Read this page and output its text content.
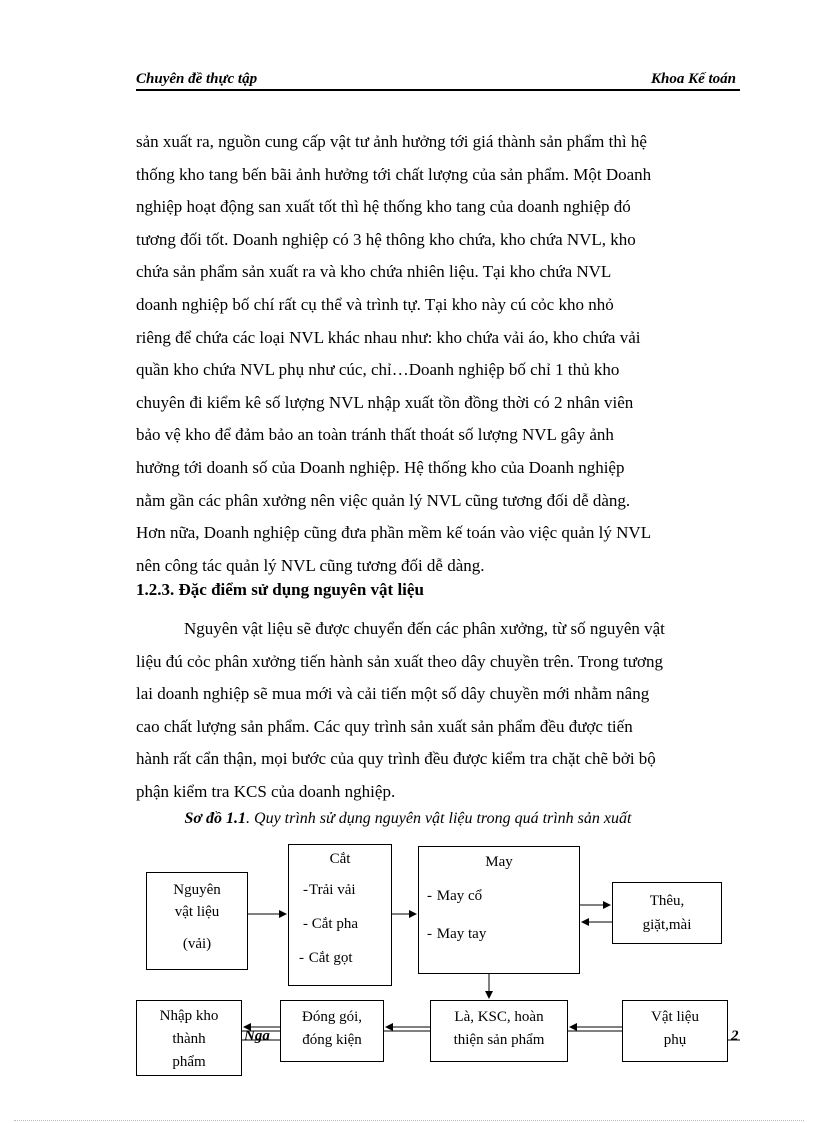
Chuyên đề thực tập	Khoa Kế toán

sản xuất ra, nguồn cung cấp vật tư ảnh hưởng tới giá thành sản phẩm thì hệ

thống kho tang bến bãi ảnh hưởng tới chất lượng của sản phẩm. Một Doanh

nghiệp hoạt động san xuất tốt thì hệ thống kho tang của doanh nghiệp đó

tương đối tốt. Doanh nghiệp có 3 hệ thông kho chứa, kho chứa NVL, kho

chứa sản phẩm sản xuất ra và kho chứa nhiên liệu. Tại kho chứa NVL

doanh nghiệp bố chí rất cụ thể và trình tự. Tại kho này cú cỏc kho nhỏ

riêng để chứa các loại NVL khác nhau như: kho chứa vải áo, kho chứa vải

quần kho chứa NVL phụ như cúc, chỉ…Doanh nghiệp bố chỉ 1 thủ kho

chuyên đi kiểm kê số lượng NVL nhập xuất tồn đồng thời có 2 nhân viên

bảo vệ kho để đảm bảo an toàn tránh thất thoát số lượng NVL gây ảnh

hưởng tới doanh số của Doanh nghiệp. Hệ thống kho của Doanh nghiệp

nằm gần các phân xưởng nên việc quản lý NVL cũng tương đối dễ dàng.

Hơn nữa, Doanh nghiệp cũng đưa phần mềm kế toán vào việc quản lý NVL

nên công tác quản lý NVL cũng tương đối dễ dàng.

1.2.3. Đặc điểm sử dụng nguyên vật liệu

Nguyên vật liệu sẽ được chuyển đến các phân xưởng, từ số nguyên vật

liệu đú cỏc phân xưởng tiến hành sản xuất theo dây chuyền trên. Trong tương

lai doanh nghiệp sẽ mua mới và cải tiến một số dây chuyền mới nhằm nâng

cao chất lượng sản phẩm. Các quy trình sản xuất sản phẩm đều được tiến

hành rất cẩn thận, mọi bước của quy trình đều được kiểm tra chặt chẽ bởi bộ

phận kiểm tra KCS của doanh nghiệp.

Sơ đồ 1.1. Quy trình sử dụng nguyên vật liệu trong quá trình sản xuất
Nga	2
Nguyên
vật liệu
(vải)
Cắt
-Trải vải
- Cắt pha
- Cắt gọt
May
- May cổ
- May tay
Thêu,
giặt,mài
Nhập kho
thành
phẩm
Đóng gói,
đóng kiện
Là, KSC, hoàn
thiện sản phẩm
Vật liệu
phụ
